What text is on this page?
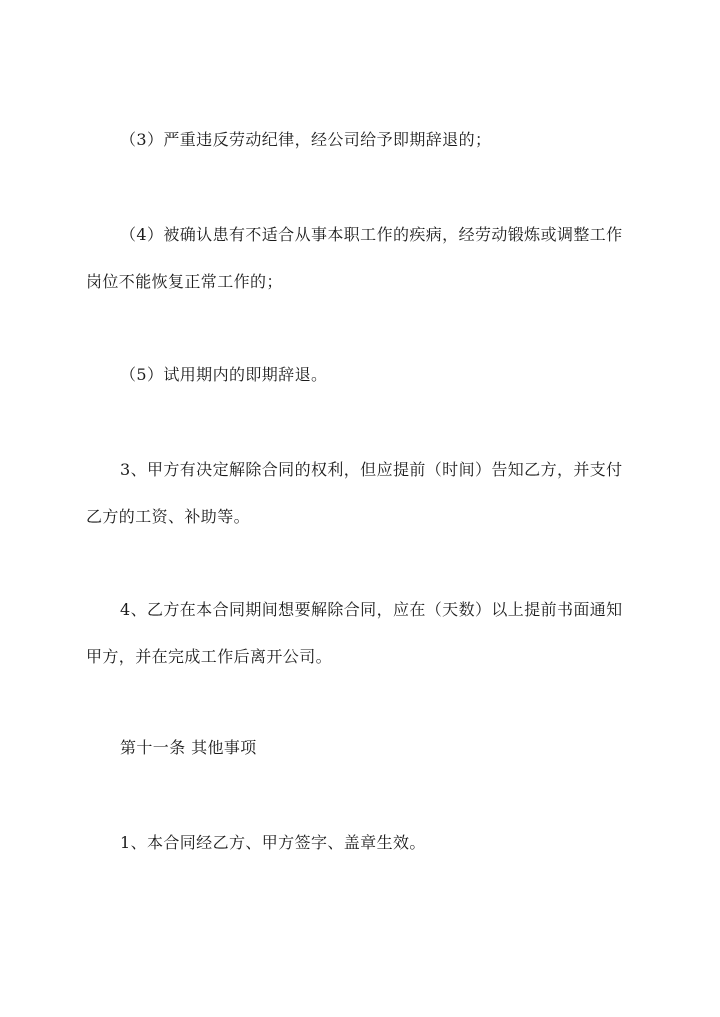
（3）严重违反劳动纪律，经公司给予即期辞退的；

（4）被确认患有不适合从事本职工作的疾病，经劳动锻炼或调整工作岗位不能恢复正常工作的；

（5）试用期内的即期辞退。

3、甲方有决定解除合同的权利，但应提前（时间）告知乙方，并支付乙方的工资、补助等。

4、乙方在本合同期间想要解除合同，应在（天数）以上提前书面通知甲方，并在完成工作后离开公司。

第十一条 其他事项

1、本合同经乙方、甲方签字、盖章生效。
